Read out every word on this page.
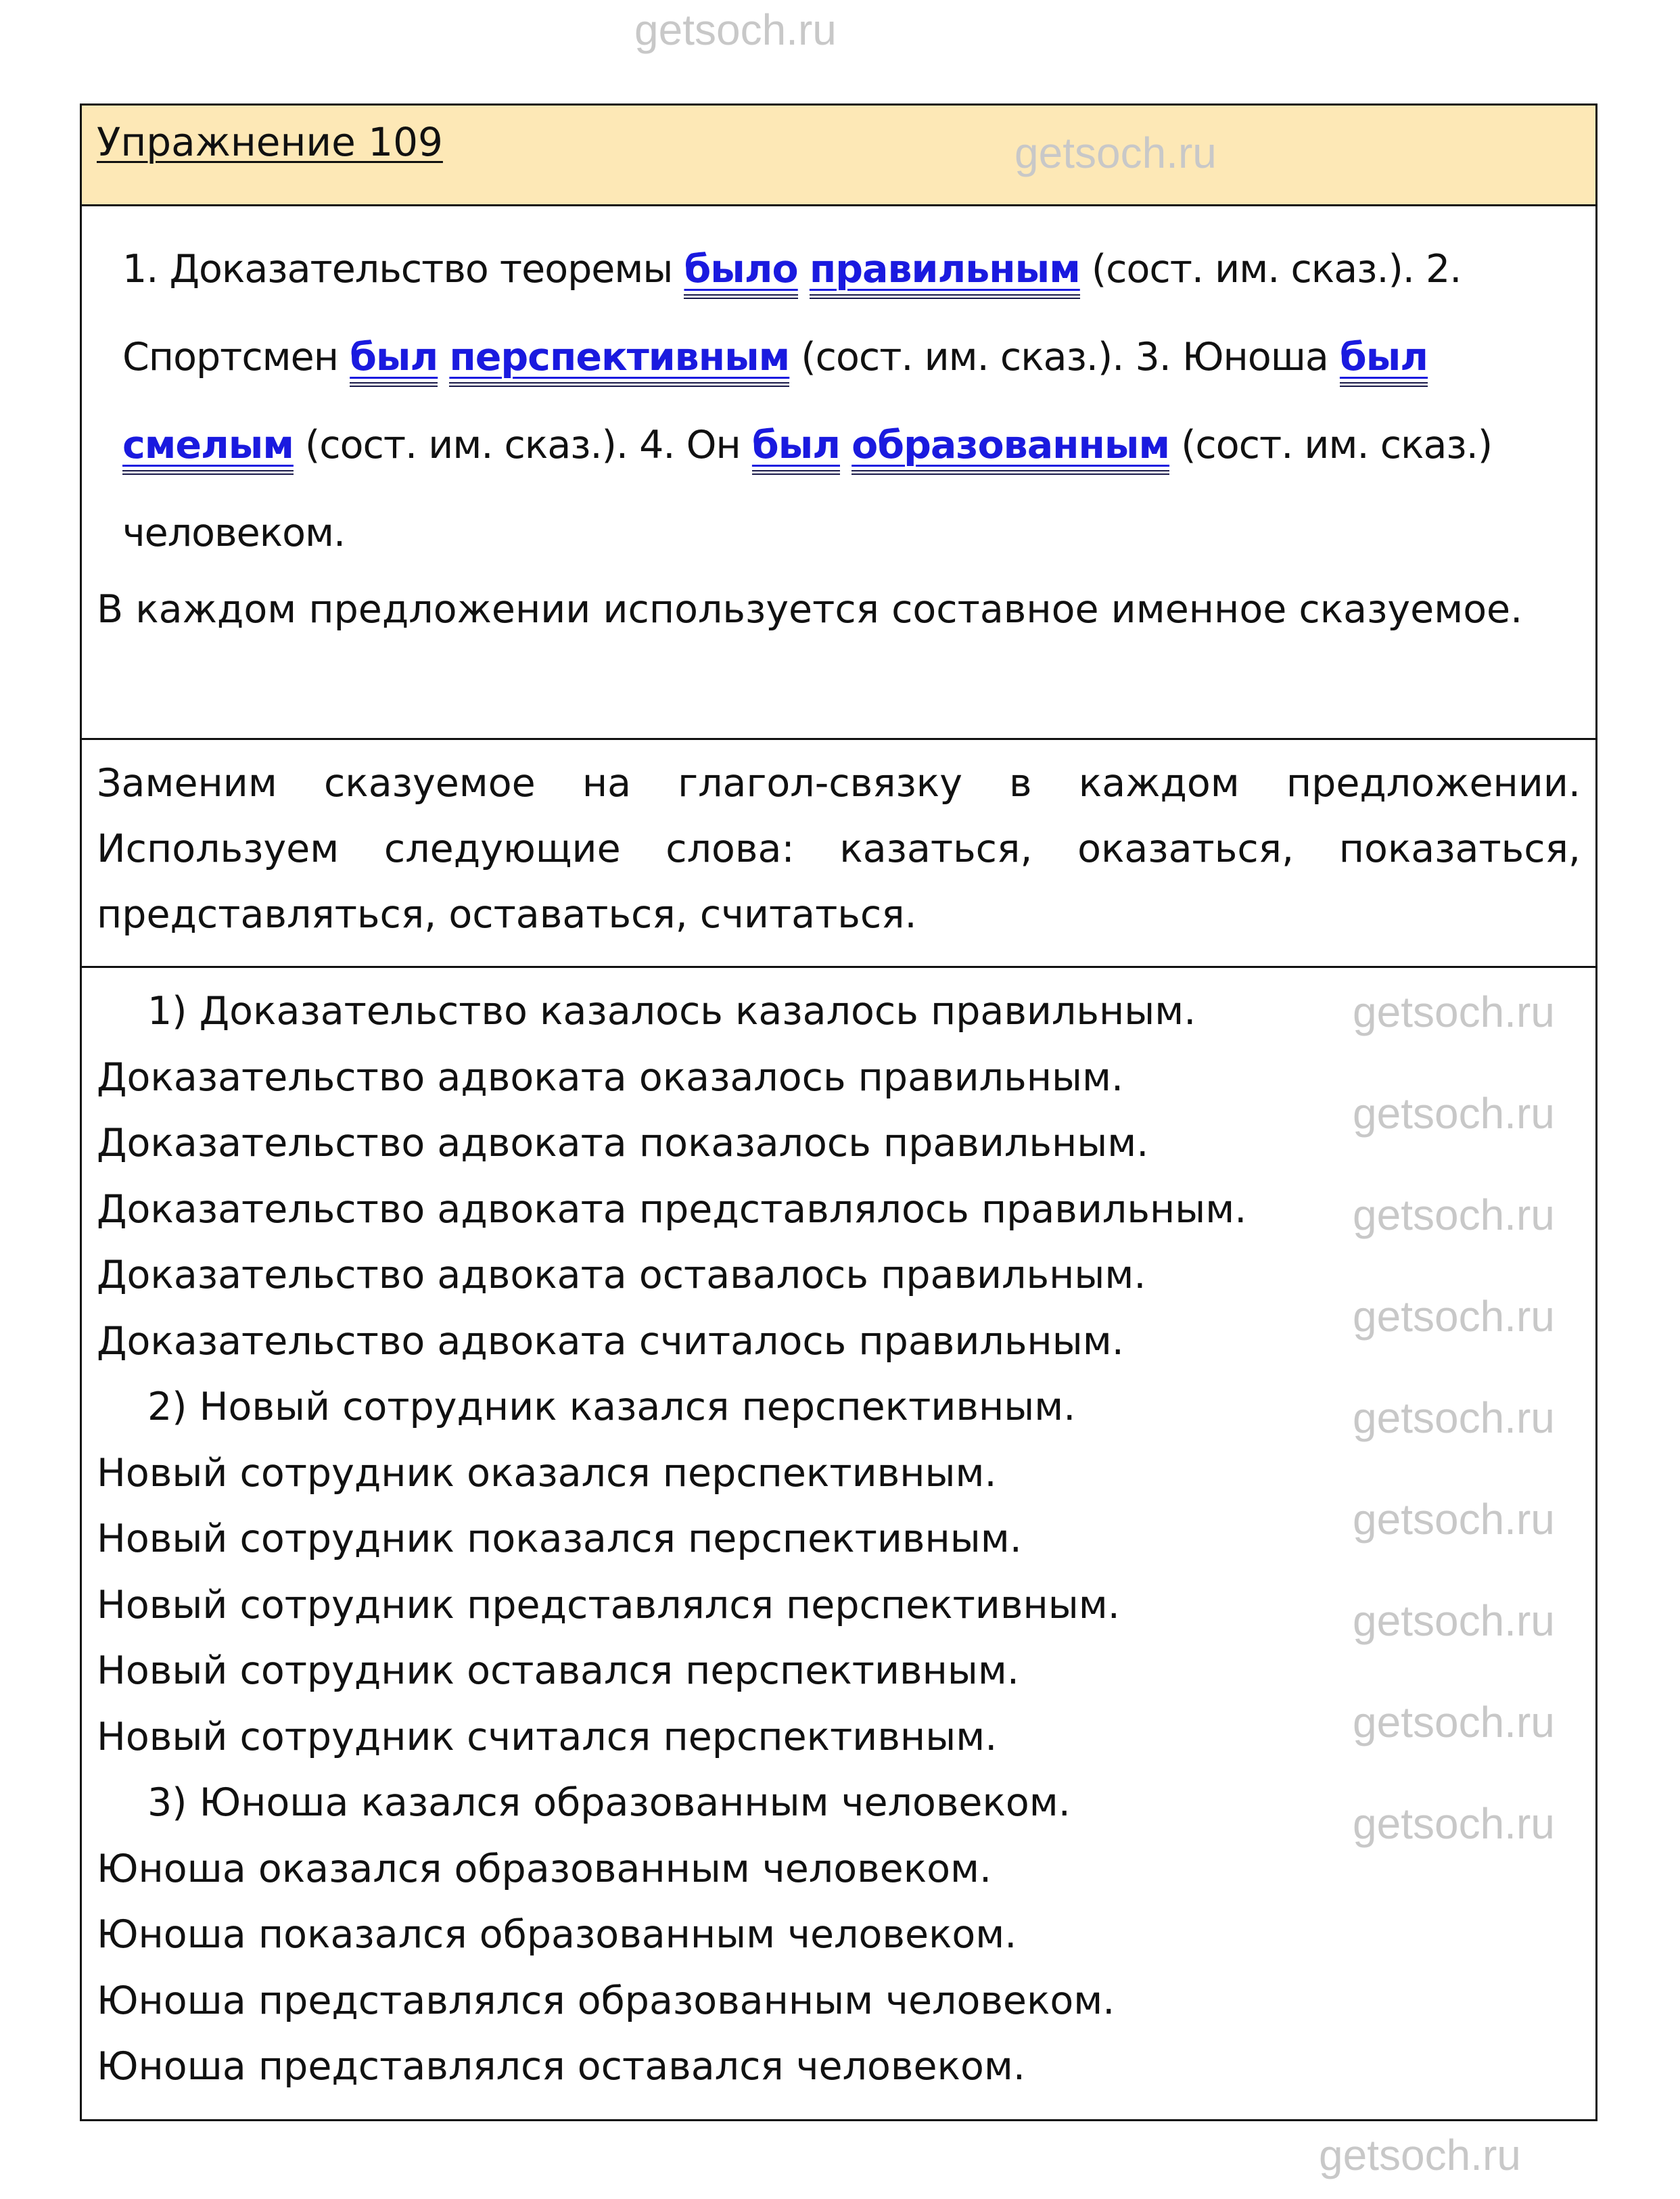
getsoch.ru
getsoch.ru
getsoch.ru
getsoch.ru
getsoch.ru
getsoch.ru
getsoch.ru
getsoch.ru
getsoch.ru
getsoch.ru
getsoch.ru
getsoch.ru
Упражнение 109
1. Доказательство теоремы было правильным (сост. им. сказ.). 2. Спортсмен был перспективным (сост. им. сказ.). 3. Юноша был смелым (сост. им. сказ.). 4. Он был образованным (сост. им. сказ.) человеком.
В каждом предложении используется составное именное сказуемое.
Заменим сказуемое на глагол-связку в каждом предложении. Используем следующие слова: казаться, оказаться, показаться, представляться, оставаться, считаться.
1) Доказательство казалось казалось правильным.
Доказательство адвоката оказалось правильным.
Доказательство адвоката показалось правильным.
Доказательство адвоката представлялось правильным.
Доказательство адвоката оставалось правильным.
Доказательство адвоката считалось правильным.
2) Новый сотрудник казался перспективным.
Новый сотрудник оказался перспективным.
Новый сотрудник показался перспективным.
Новый сотрудник представлялся перспективным.
Новый сотрудник оставался перспективным.
Новый сотрудник считался перспективным.
3) Юноша казался образованным человеком.
Юноша оказался образованным человеком.
Юноша показался образованным человеком.
Юноша представлялся образованным человеком.
Юноша представлялся оставался человеком.
